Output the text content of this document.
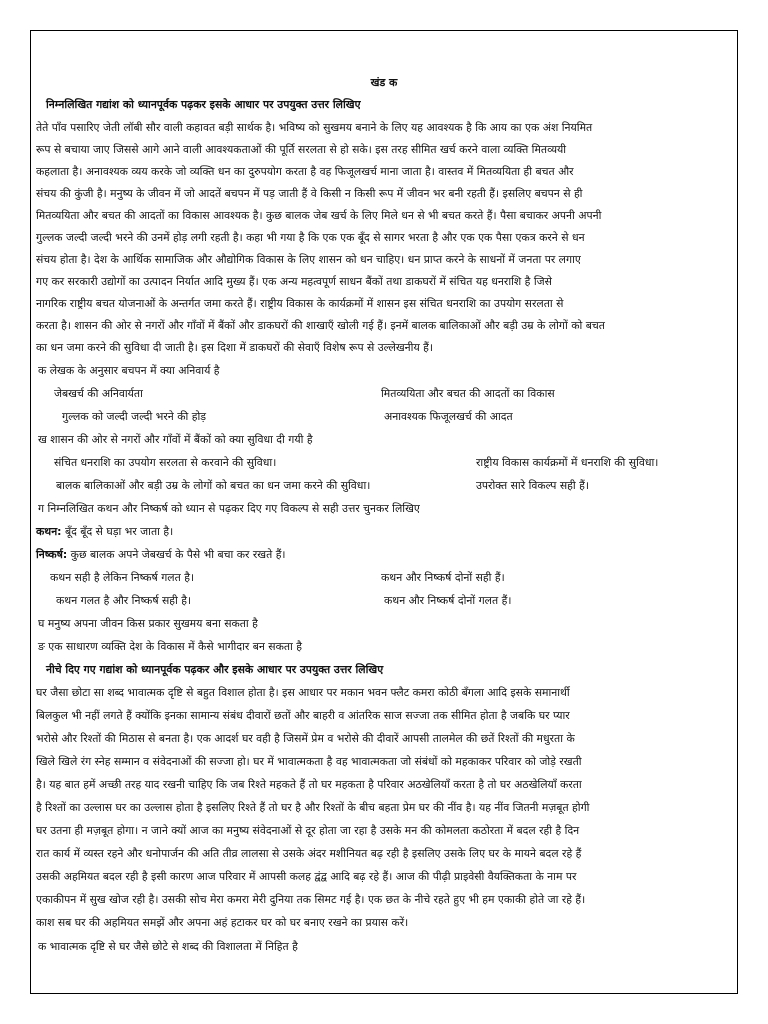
खंड क
निम्नलिखित गद्यांश को ध्यानपूर्वक पढ़कर इसके आधार पर उपयुक्त उत्तर लिखिए
तेते पाँव पसारिए जेती लॉबी सौर वाली कहावत बड़ी सार्थक है। भविष्य को सुखमय बनाने के लिए यह आवश्यक है कि आय का एक अंश नियमित
रूप से बचाया जाए जिससे आगे आने वाली आवश्यकताओं की पूर्ति सरलता से हो सके। इस तरह सीमित खर्च करने वाला व्यक्ति मितव्ययी
कहलाता है। अनावश्यक व्यय करके जो व्यक्ति धन का दुरुपयोग करता है वह फिजूलखर्च माना जाता है। वास्तव में मितव्ययिता ही बचत और
संचय की कुंजी है। मनुष्य के जीवन में जो आदतें बचपन में पड़ जाती हैं वे किसी न किसी रूप में जीवन भर बनी रहती हैं। इसलिए बचपन से ही
मितव्ययिता और बचत की आदतों का विकास आवश्यक है। कुछ बालक जेब खर्च के लिए मिले धन से भी बचत करते हैं। पैसा बचाकर अपनी अपनी
गुल्लक जल्दी जल्दी भरने की उनमें होड़ लगी रहती है। कहा भी गया है कि एक एक बूँद से सागर भरता है और एक एक पैसा एकत्र करने से धन
संचय होता है। देश के आर्थिक सामाजिक और औद्योगिक विकास के लिए शासन को धन चाहिए। धन प्राप्त करने के साधनों में जनता पर लगाए
गए कर सरकारी उद्योगों का उत्पादन निर्यात आदि मुख्य हैं। एक अन्य महत्वपूर्ण साधन बैंकों तथा डाकघरों में संचित यह धनराशि है जिसे
नागरिक राष्ट्रीय बचत योजनाओं के अन्तर्गत जमा करते हैं। राष्ट्रीय विकास के कार्यक्रमों में शासन इस संचित धनराशि का उपयोग सरलता से
करता है। शासन की ओर से नगरों और गाँवों में बैंकों और डाकघरों की शाखाएँ खोली गई हैं। इनमें बालक बालिकाओं और बड़ी उम्र के लोगों को बचत
का धन जमा करने की सुविधा दी जाती है। इस दिशा में डाकघरों की सेवाएँ विशेष रूप से उल्लेखनीय हैं।
क लेखक के अनुसार बचपन में क्या अनिवार्य है
जेबखर्च की अनिवार्यता	मितव्ययिता और बचत की आदतों का विकास
गुल्लक को जल्दी जल्दी भरने की होड़	अनावश्यक फिजूलखर्च की आदत
ख शासन की ओर से नगरों और गाँवों में बैंकों को क्या सुविधा दी गयी है
संचित धनराशि का उपयोग सरलता से करवाने की सुविधा।	राष्ट्रीय विकास कार्यक्रमों में धनराशि की सुविधा।
बालक बालिकाओं और बड़ी उम्र के लोगों को बचत का धन जमा करने की सुविधा।	उपरोक्त सारे विकल्प सही हैं।
ग निम्नलिखित कथन और निष्कर्ष को ध्यान से पढ़कर दिए गए विकल्प से सही उत्तर चुनकर लिखिए
कथन: बूँद बूँद से घड़ा भर जाता है।
निष्कर्ष: कुछ बालक अपने जेबखर्च के पैसे भी बचा कर रखते हैं।
कथन सही है लेकिन निष्कर्ष गलत है।	कथन और निष्कर्ष दोनों सही हैं।
कथन गलत है और निष्कर्ष सही है।	कथन और निष्कर्ष दोनों गलत हैं।
घ मनुष्य अपना जीवन किस प्रकार सुखमय बना सकता है
ङ एक साधारण व्यक्ति देश के विकास में कैसे भागीदार बन सकता है
नीचे दिए गए गद्यांश को ध्यानपूर्वक पढ़कर और इसके आधार पर उपयुक्त उत्तर लिखिए
घर जैसा छोटा सा शब्द भावात्मक दृष्टि से बहुत विशाल होता है। इस आधार पर मकान भवन फ्लैट कमरा कोठी बँगला आदि इसके समानार्थी
बिलकुल भी नहीं लगते हैं क्योंकि इनका सामान्य संबंध दीवारों छतों और बाहरी व आंतरिक साज सज्जा तक सीमित होता है जबकि घर प्यार
भरोसे और रिश्तों की मिठास से बनता है। एक आदर्श घर वही है जिसमें प्रेम व भरोसे की दीवारें आपसी तालमेल की छतें रिश्तों की मधुरता के
खिले खिले रंग स्नेह सम्मान व संवेदनाओं की सज्जा हो। घर में भावात्मकता है वह भावात्मकता जो संबंधों को महकाकर परिवार को जोड़े रखती
है। यह बात हमें अच्छी तरह याद रखनी चाहिए कि जब रिश्ते महकते हैं तो घर महकता है परिवार अठखेलियाँ करता है तो घर अठखेलियाँ करता
है रिश्तों का उल्लास घर का उल्लास होता है इसलिए रिश्ते हैं तो घर है और रिश्तों के बीच बहता प्रेम घर की नींव है। यह नींव जितनी मज़बूत होगी
घर उतना ही मज़बूत होगा। न जाने क्यों आज का मनुष्य संवेदनाओं से दूर होता जा रहा है उसके मन की कोमलता कठोरता में बदल रही है दिन
रात कार्य में व्यस्त रहने और धनोपार्जन की अति तीव्र लालसा से उसके अंदर मशीनियत बढ़ रही है इसलिए उसके लिए घर के मायने बदल रहे हैं
उसकी अहमियत बदल रही है इसी कारण आज परिवार में आपसी कलह द्वंद्व आदि बढ़ रहे हैं। आज की पीढ़ी प्राइवेसी वैयक्तिकता के नाम पर
एकाकीपन में सुख खोज रही है। उसकी सोच मेरा कमरा मेरी दुनिया तक सिमट गई है। एक छत के नीचे रहते हुए भी हम एकाकी होते जा रहे हैं।
काश सब घर की अहमियत समझें और अपना अहं हटाकर घर को घर बनाए रखने का प्रयास करें।
क भावात्मक दृष्टि से घर जैसे छोटे से शब्द की विशालता में निहित है
